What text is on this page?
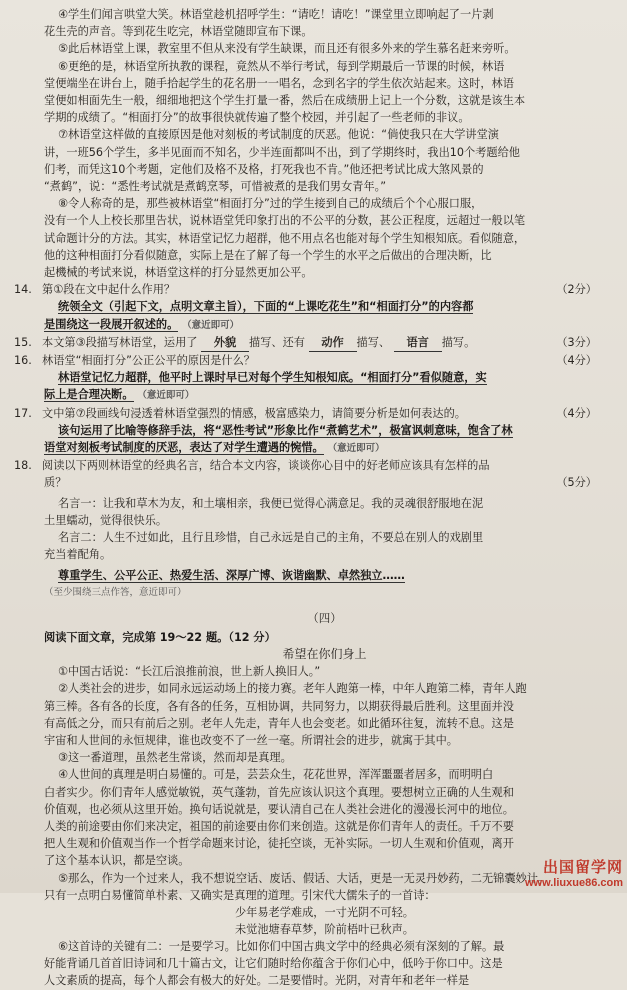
④学生们闻言哄堂大笑。林语堂趁机招呼学生：“请吃！请吃！”课堂里立即响起了一片剥

花生壳的声音。等到花生吃完，林语堂随即宣布下课。

⑤此后林语堂上课，教室里不但从来没有学生缺课，而且还有很多外来的学生慕名赶来旁听。

⑥更绝的是，林语堂所执教的课程，竟然从不举行考试，每到学期最后一节课的时候，林语

堂便端坐在讲台上，随手拾起学生的花名册一一唱名，念到名字的学生依次站起来。这时，林语

堂便如相面先生一般，细细地把这个学生打量一番，然后在成绩册上记上一个分数，这就是该生本

学期的成绩了。“相面打分”的故事很快就传遍了整个校园，并引起了一些老师的非议。

⑦林语堂这样做的直接原因是他对刻板的考试制度的厌恶。他说：“倘使我只在大学讲堂演

讲，一班56个学生，多半见面而不知名，少半连面都叫不出，到了学期终时，我出10个考题给他

们考，而凭这10个考题，定他们及格不及格，打死我也不肯。”他还把考试比成大煞风景的

“煮鹤”，说：“悉性考试就是煮鹤烹琴，可惜被煮的是我们男女青年。”

⑧令人称奇的是，那些被林语堂“相面打分”过的学生接到自己的成绩后个个心服口服，

没有一个人上校长那里告状，说林语堂凭印象打出的不公平的分数，甚公正程度，远超过一般以笔

试命题计分的方法。其实，林语堂记忆力超群，他不用点名也能对每个学生知根知底。看似随意，

他的这种相面打分看似随意，实际上是在了解了每一个学生的水平之后做出的合理决断，比

起機械的考试来说，林语堂这样的打分显然更加公平。

14. 第①段在文中起什么作用？	（2分）

统领全文（引起下文，点明文章主旨），下面的“上课吃花生”和“相面打分”的内容都

是围绕这一段展开叙述的。 （意近即可）

15. 本文第③段描写林语堂，运用了 外貌 描写、还有 动作 描写、 语言 描写。	（3分）

16. 林语堂“相面打分”公正公平的原因是什么？	（4分）

林语堂记忆力超群，他平时上课时早已对每个学生知根知底。“相面打分”看似随意，实

际上是合理决断。 （意近即可）

17. 文中第⑦段画线句浸透着林语堂强烈的情感，极富感染力，请简要分析是如何表达的。	（4分）

该句运用了比喻等修辞手法，将“恶性考试”形象比作“煮鹤艺术”，极富讽刺意味，饱含了林

语堂对刻板考试制度的厌恶，表达了对学生遭遇的惋惜。 （意近即可）

18. 阅读以下两则林语堂的经典名言，结合本文内容，谈谈你心目中的好老师应该具有怎样的品

质？	（5分）

名言一：让我和草木为友，和土壤相亲，我便已觉得心满意足。我的灵魂很舒服地在泥

土里蠕动，觉得很快乐。

名言二：人生不过如此，且行且珍惜，自己永远是自己的主角，不要总在别人的戏剧里

充当着配角。

尊重学生、公平公正、热爱生活、深厚广博、诙谐幽默、卓然独立……

（至少围绕三点作答，意近即可）

（四）

阅读下面文章，完成第 19～22 题。（12 分）

希望在你们身上

①中国古话说：“长江后浪推前浪，世上新人换旧人。”

②人类社会的进步，如同永远运动场上的接力赛。老年人跑第一棒，中年人跑第二棒，青年人跑

第三棒。各有各的长度，各有各的任务，互相协调，共同努力，以期获得最后胜利。这里面并没

有高低之分，而只有前后之别。老年人先走，青年人也会变老。如此循环往复，流转不息。这是

宇宙和人世间的永恒规律，谁也改变不了一丝一毫。所谓社会的进步，就寓于其中。

③这一番道理，虽然老生常谈，然而却是真理。

④人世间的真理是明白易懂的。可是，芸芸众生，花花世界，浑浑噩噩者居多，而明明白

白者实少。你们青年人感觉敏锐，英气蓬勃，首先应该认识这个真理。要想树立正确的人生观和

价值观，也必须从这里开始。换句话说就是，要认清自己在人类社会进化的漫漫长河中的地位。

人类的前途要由你们来决定，祖国的前途要由你们来创造。这就是你们青年人的责任。千万不要

把人生观和价值观当作一个哲学命题来讨论，徒托空谈，无补实际。一切人生观和价值观，离开

了这个基本认识，都是空谈。

⑤那么，作为一个过来人，我不想说空话、废话、假话、大话，更是一无灵丹妙药，二无锦囊妙计。

只有一点明白易懂简单朴素、又确实是真理的道理。引宋代大儒朱子的一首诗：

少年易老学难成，一寸光阴不可轻。

未觉池塘春草梦，阶前梧叶已秋声。

⑥这首诗的关键有二：一是要学习。比如你们中国古典文学中的经典必须有深刻的了解。最

好能背诵几首首旧诗词和几十篇古文，让它们随时给你蕴含于你们心中，低吟于你口中。这是

人文素质的提高，每个人都会有极大的好处。二是要惜时。光阴，对青年和老年一样是

出国留学网
www.liuxue86.com
